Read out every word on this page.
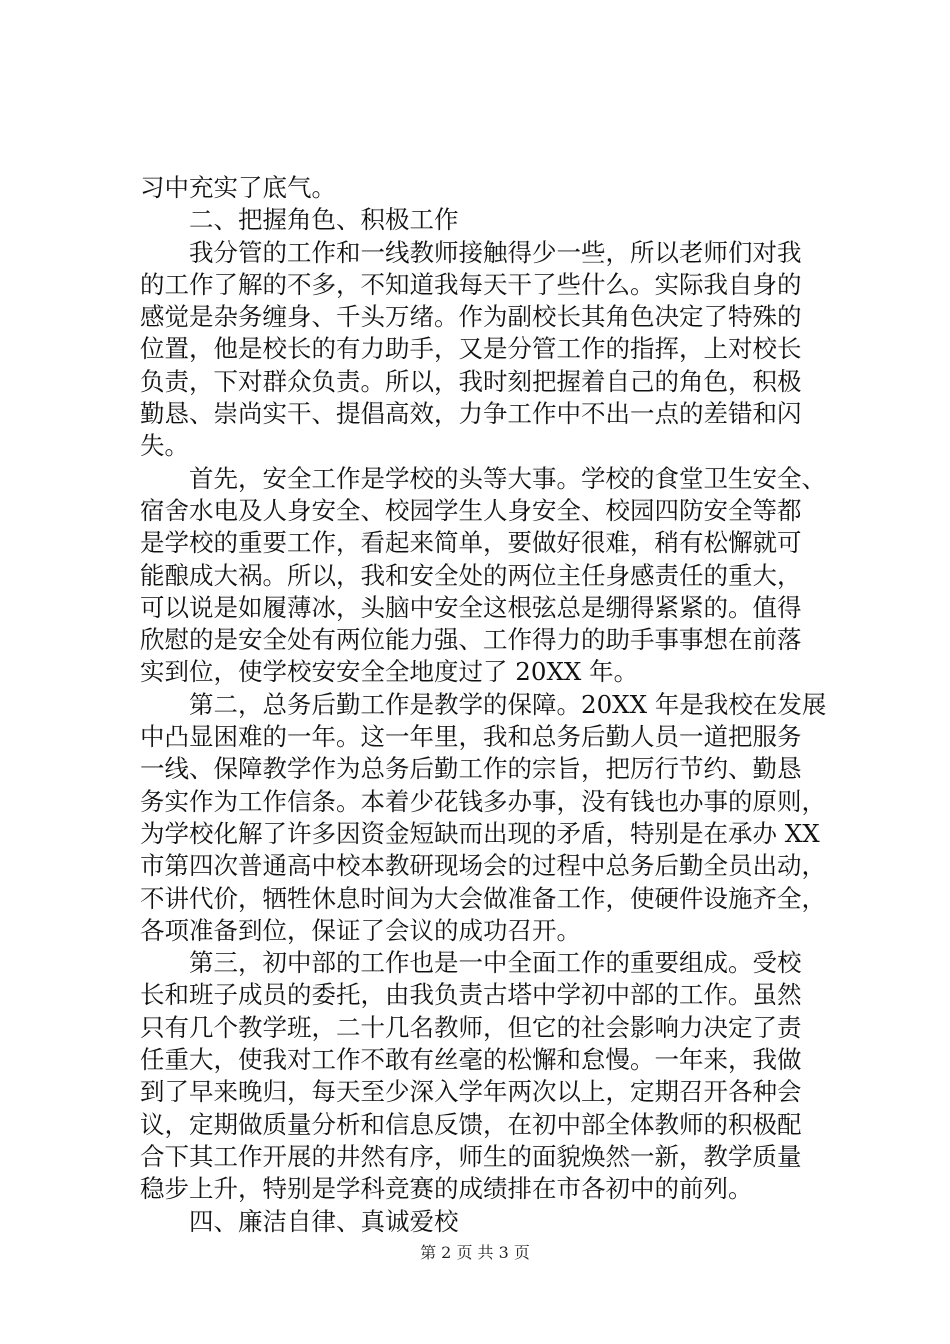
习中充实了底气。

二、把握角色、积极工作

我分管的工作和一线教师接触得少一些，所以老师们对我

的工作了解的不多，不知道我每天干了些什么。实际我自身的

感觉是杂务缠身、千头万绪。作为副校长其角色决定了特殊的

位置，他是校长的有力助手，又是分管工作的指挥，上对校长

负责，下对群众负责。所以，我时刻把握着自己的角色，积极

勤恳、崇尚实干、提倡高效，力争工作中不出一点的差错和闪

失。

首先，安全工作是学校的头等大事。学校的食堂卫生安全、

宿舍水电及人身安全、校园学生人身安全、校园四防安全等都

是学校的重要工作，看起来简单，要做好很难，稍有松懈就可

能酿成大祸。所以，我和安全处的两位主任身感责任的重大，

可以说是如履薄冰，头脑中安全这根弦总是绷得紧紧的。值得

欣慰的是安全处有两位能力强、工作得力的助手事事想在前落

实到位，使学校安安全全地度过了 20XX 年。

第二，总务后勤工作是教学的保障。20XX 年是我校在发展

中凸显困难的一年。这一年里，我和总务后勤人员一道把服务

一线、保障教学作为总务后勤工作的宗旨，把厉行节约、勤恳

务实作为工作信条。本着少花钱多办事，没有钱也办事的原则，

为学校化解了许多因资金短缺而出现的矛盾，特别是在承办 XX

市第四次普通高中校本教研现场会的过程中总务后勤全员出动，

不讲代价，牺牲休息时间为大会做准备工作，使硬件设施齐全，

各项准备到位，保证了会议的成功召开。

第三，初中部的工作也是一中全面工作的重要组成。受校

长和班子成员的委托，由我负责古塔中学初中部的工作。虽然

只有几个教学班，二十几名教师，但它的社会影响力决定了责

任重大，使我对工作不敢有丝毫的松懈和怠慢。一年来，我做

到了早来晚归，每天至少深入学年两次以上，定期召开各种会

议，定期做质量分析和信息反馈，在初中部全体教师的积极配

合下其工作开展的井然有序，师生的面貌焕然一新，教学质量

稳步上升，特别是学科竞赛的成绩排在市各初中的前列。

四、廉洁自律、真诚爱校

第 2 页 共 3 页
